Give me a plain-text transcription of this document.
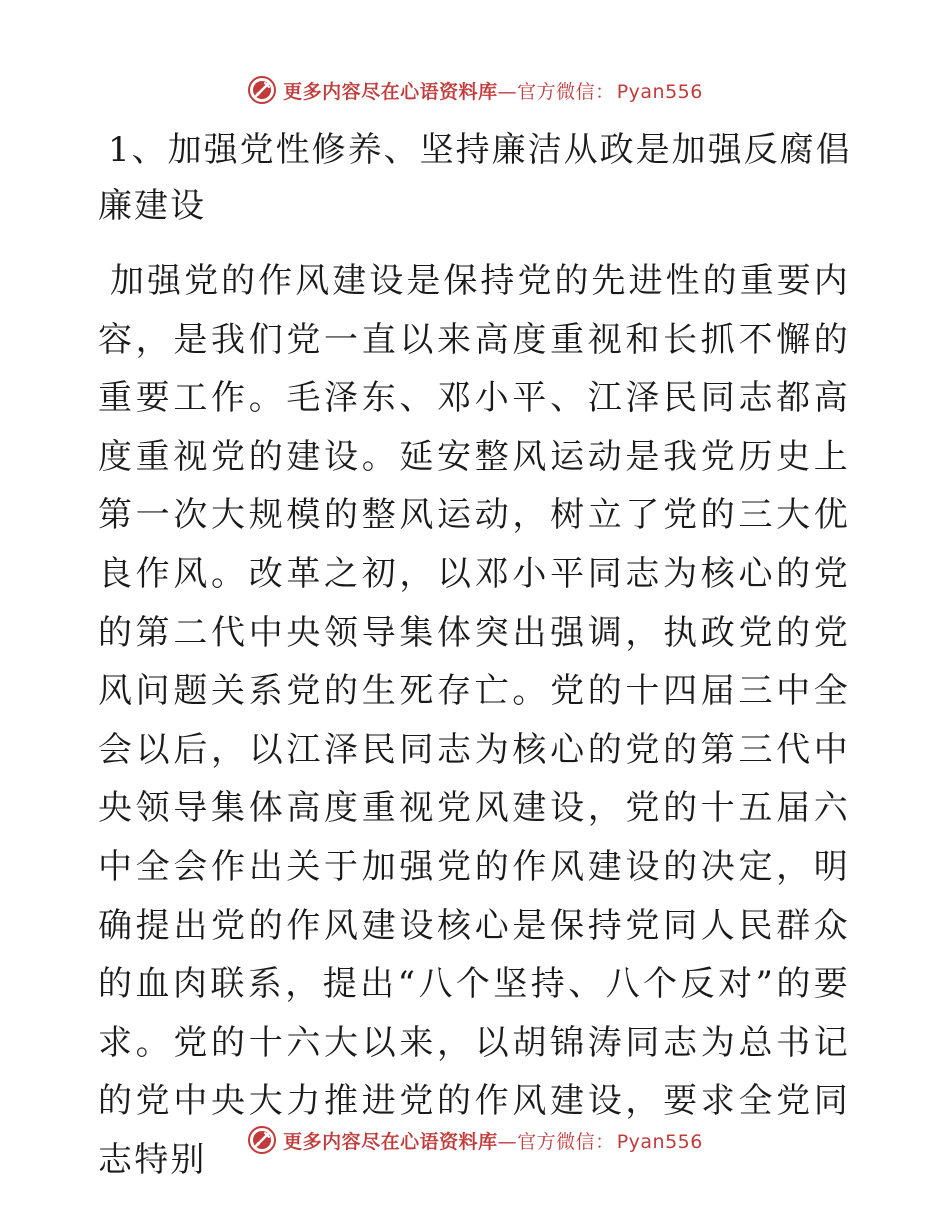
更多内容尽在心语资料库—官方微信： Pyan556
1、加强党性修养、坚持廉洁从政是加强反腐倡廉建设

加强党的作风建设是保持党的先进性的重要内容，是我们党一直以来高度重视和长抓不懈的重要工作。毛泽东、邓小平、江泽民同志都高度重视党的建设。延安整风运动是我党历史上第一次大规模的整风运动，树立了党的三大优良作风。改革之初，以邓小平同志为核心的党的第二代中央领导集体突出强调，执政党的党风问题关系党的生死存亡。党的十四届三中全会以后，以江泽民同志为核心的党的第三代中央领导集体高度重视党风建设，党的十五届六中全会作出关于加强党的作风建设的决定，明确提出党的作风建设核心是保持党同人民群众的血肉联系，提出“八个坚持、八个反对”的要求。党的十六大以来，以胡锦涛同志为总书记的党中央大力推进党的作风建设，要求全党同志特别	更多内容尽在心语资料库—官方微信： Pyan556
